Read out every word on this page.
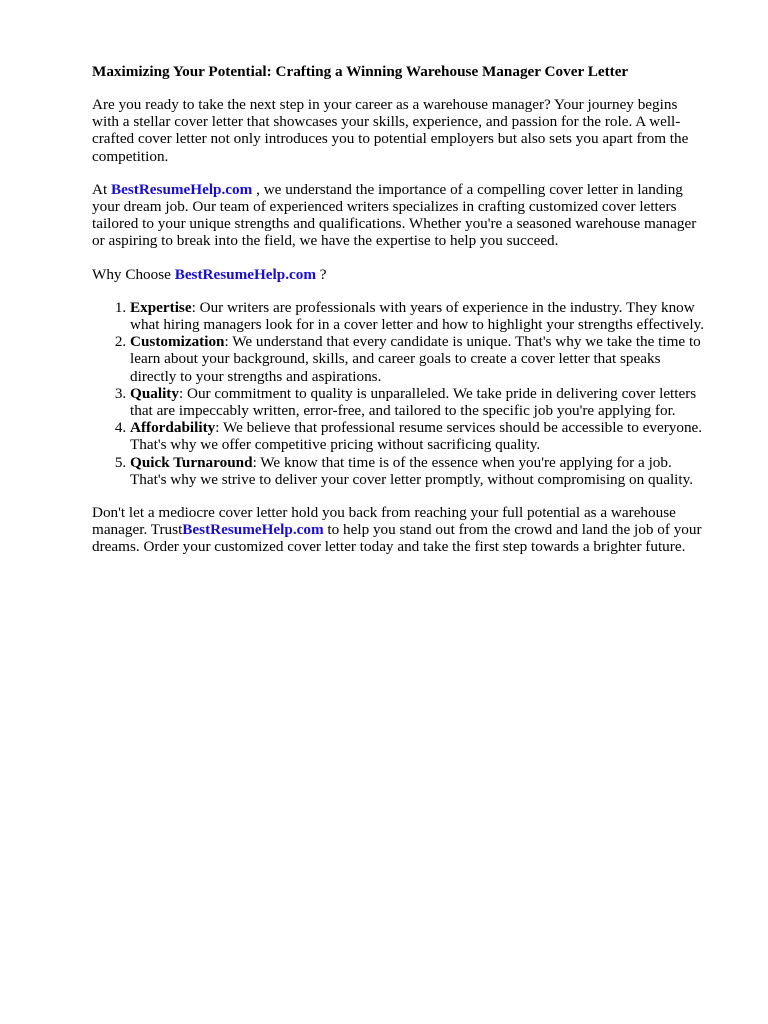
Maximizing Your Potential: Crafting a Winning Warehouse Manager Cover Letter

Are you ready to take the next step in your career as a warehouse manager? Your journey begins with a stellar cover letter that showcases your skills, experience, and passion for the role. A well-crafted cover letter not only introduces you to potential employers but also sets you apart from the competition.

At BestResumeHelp.com , we understand the importance of a compelling cover letter in landing your dream job. Our team of experienced writers specializes in crafting customized cover letters tailored to your unique strengths and qualifications. Whether you're a seasoned warehouse manager or aspiring to break into the field, we have the expertise to help you succeed.

Why Choose BestResumeHelp.com ?

1. Expertise: Our writers are professionals with years of experience in the industry. They know what hiring managers look for in a cover letter and how to highlight your strengths effectively.
2. Customization: We understand that every candidate is unique. That's why we take the time to learn about your background, skills, and career goals to create a cover letter that speaks directly to your strengths and aspirations.
3. Quality: Our commitment to quality is unparalleled. We take pride in delivering cover letters that are impeccably written, error-free, and tailored to the specific job you're applying for.
4. Affordability: We believe that professional resume services should be accessible to everyone. That's why we offer competitive pricing without sacrificing quality.
5. Quick Turnaround: We know that time is of the essence when you're applying for a job. That's why we strive to deliver your cover letter promptly, without compromising on quality.

Don't let a mediocre cover letter hold you back from reaching your full potential as a warehouse manager. TrustBestResumeHelp.com to help you stand out from the crowd and land the job of your dreams. Order your customized cover letter today and take the first step towards a brighter future.
